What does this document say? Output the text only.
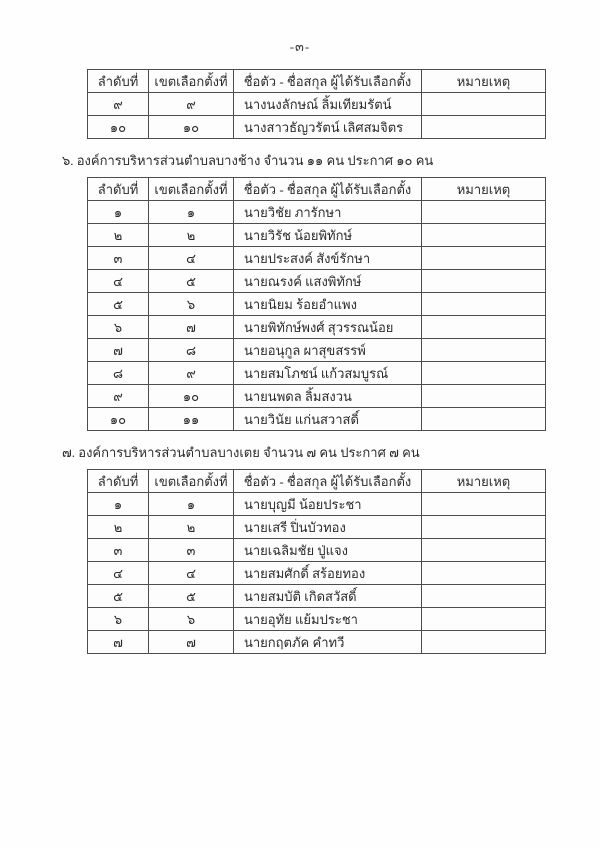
-๓-
ลำดับที่	เขตเลือกตั้งที่	ชื่อตัว - ชื่อสกุล ผู้ได้รับเลือกตั้ง	หมายเหตุ
๙	๙	นางนงลักษณ์ ลิ้มเทียมรัตน์	
๑๐	๑๐	นางสาวธัญวรัตน์ เลิศสมจิตร	
๖. องค์การบริหารส่วนตำบลบางช้าง จำนวน ๑๑ คน ประกาศ ๑๐ คน
ลำดับที่	เขตเลือกตั้งที่	ชื่อตัว - ชื่อสกุล ผู้ได้รับเลือกตั้ง	หมายเหตุ
๑	๑	นายวิชัย ภารักษา	
๒	๒	นายวิรัช น้อยพิทักษ์	
๓	๔	นายประสงค์ สังข์รักษา	
๔	๕	นายณรงค์ แสงพิทักษ์	
๕	๖	นายนิยม ร้อยอำแพง	
๖	๗	นายพิทักษ์พงศ์ สุวรรณน้อย	
๗	๘	นายอนุกูล ผาสุขสรรพ์	
๘	๙	นายสมโภชน์ แก้วสมบูรณ์	
๙	๑๐	นายนพดล ลิ้มสงวน	
๑๐	๑๑	นายวินัย แก่นสวาสดิ์	
๗. องค์การบริหารส่วนตำบลบางเตย จำนวน ๗ คน ประกาศ ๗ คน
ลำดับที่	เขตเลือกตั้งที่	ชื่อตัว - ชื่อสกุล ผู้ได้รับเลือกตั้ง	หมายเหตุ
๑	๑	นายบุญมี น้อยประชา	
๒	๒	นายเสรี ปิ่นบัวทอง	
๓	๓	นายเฉลิมชัย ปู่แจง	
๔	๔	นายสมศักดิ์ สร้อยทอง	
๕	๕	นายสมบัติ เกิดสวัสดิ์	
๖	๖	นายอุทัย แย้มประชา	
๗	๗	นายกฤตภัค คำทวี	
